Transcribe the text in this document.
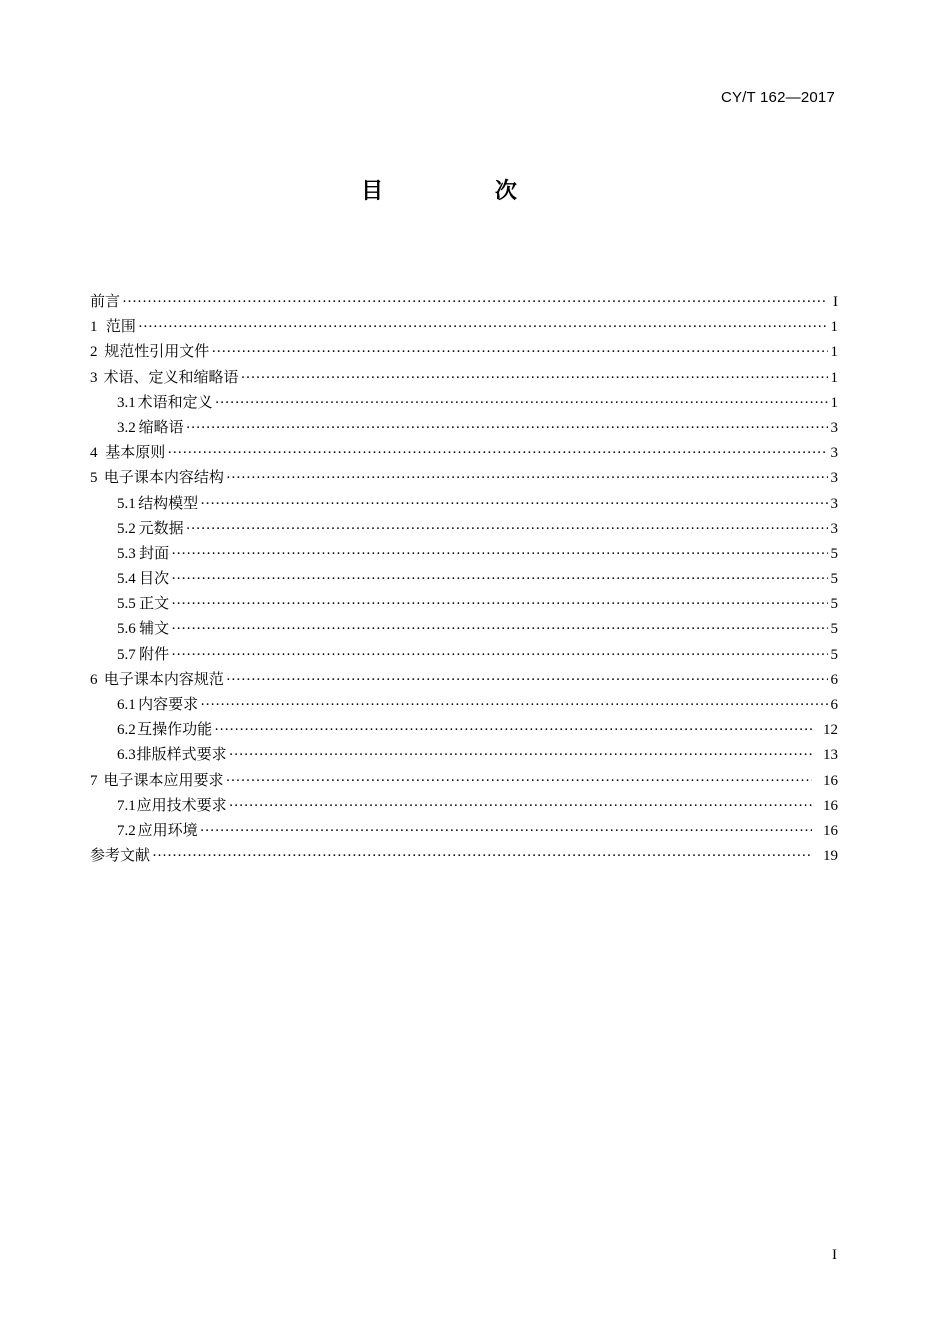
CY/T 162—2017
目 次
前言 ·····	I
1 范围 ·····	1
2 规范性引用文件 ·····	1
3 术语、定义和缩略语 ·····	1
3.1 术语和定义 ·····	1
3.2 缩略语 ·····	3
4 基本原则 ·····	3
5 电子课本内容结构 ·····	3
5.1 结构模型 ·····	3
5.2 元数据 ·····	3
5.3 封面 ·····	5
5.4 目次 ·····	5
5.5 正文 ·····	5
5.6 辅文 ·····	5
5.7 附件 ·····	5
6 电子课本内容规范 ·····	6
6.1 内容要求 ·····	6
6.2 互操作功能 ·····	12
6.3 排版样式要求 ·····	13
7 电子课本应用要求 ·····	16
7.1 应用技术要求 ·····	16
7.2 应用环境 ·····	16
参考文献 ·····	19
I
